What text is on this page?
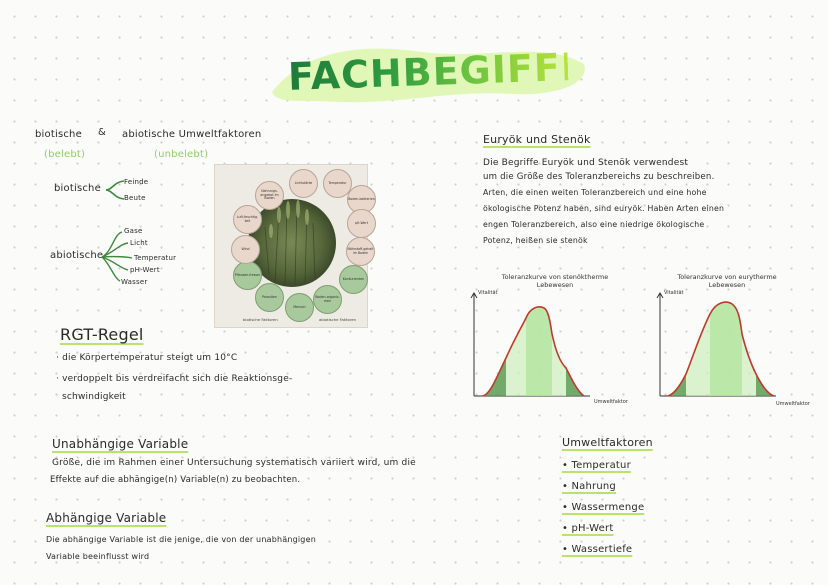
FACHBEGIFFE
biotische & abiotische Umweltfaktoren
(belebt)	(unbelebt)
biotische
Feinde
Beute
abiotische
Gase
Licht
Temperatur
pH-Wert
Wasser
Nahrungs-angebot im Boden
Lichtstärke	Temperatur
Boden-bakterien
pH-Wert
Nährstoff-gehalt im Boden
Konkurrenten
Boden-organis-men
Mensch
Parasiten
Pflanzen-fresser
Wind
Luft-feuchtig-keit
biotische Faktoren	abiotische Faktoren
RGT-Regel
· die Körpertemperatur steigt um 10°C
· verdoppelt bis verdreifacht sich die Reaktionsge-
schwindigkeit
Unabhängige Variable
Größe, die im Rahmen einer Untersuchung systematisch variiert wird, um die
Effekte auf die abhängige(n) Variable(n) zu beobachten.
Abhängige Variable
Die abhängige Variable ist die jenige, die von der unabhängigen
Variable beeinflusst wird
Euryök und Stenök
Die Begriffe Euryök und Stenök verwendest
um die Größe des Toleranzbereichs zu beschreiben.
Arten, die einen weiten Toleranzbereich und eine hohe
ökologische Potenz haben, sind euryök. Haben Arten einen
engen Toleranzbereich, also eine niedrige ökologische
Potenz, heißen sie stenök
Toleranzkurve von stenöktherme
Lebewesen
Vitalität
Umweltfaktor
Toleranzkurve von eurytherme
Lebewesen
Vitalität
Umweltfaktor
Umweltfaktoren
• Temperatur
• Nahrung
• Wassermenge
• pH-Wert
• Wassertiefe
